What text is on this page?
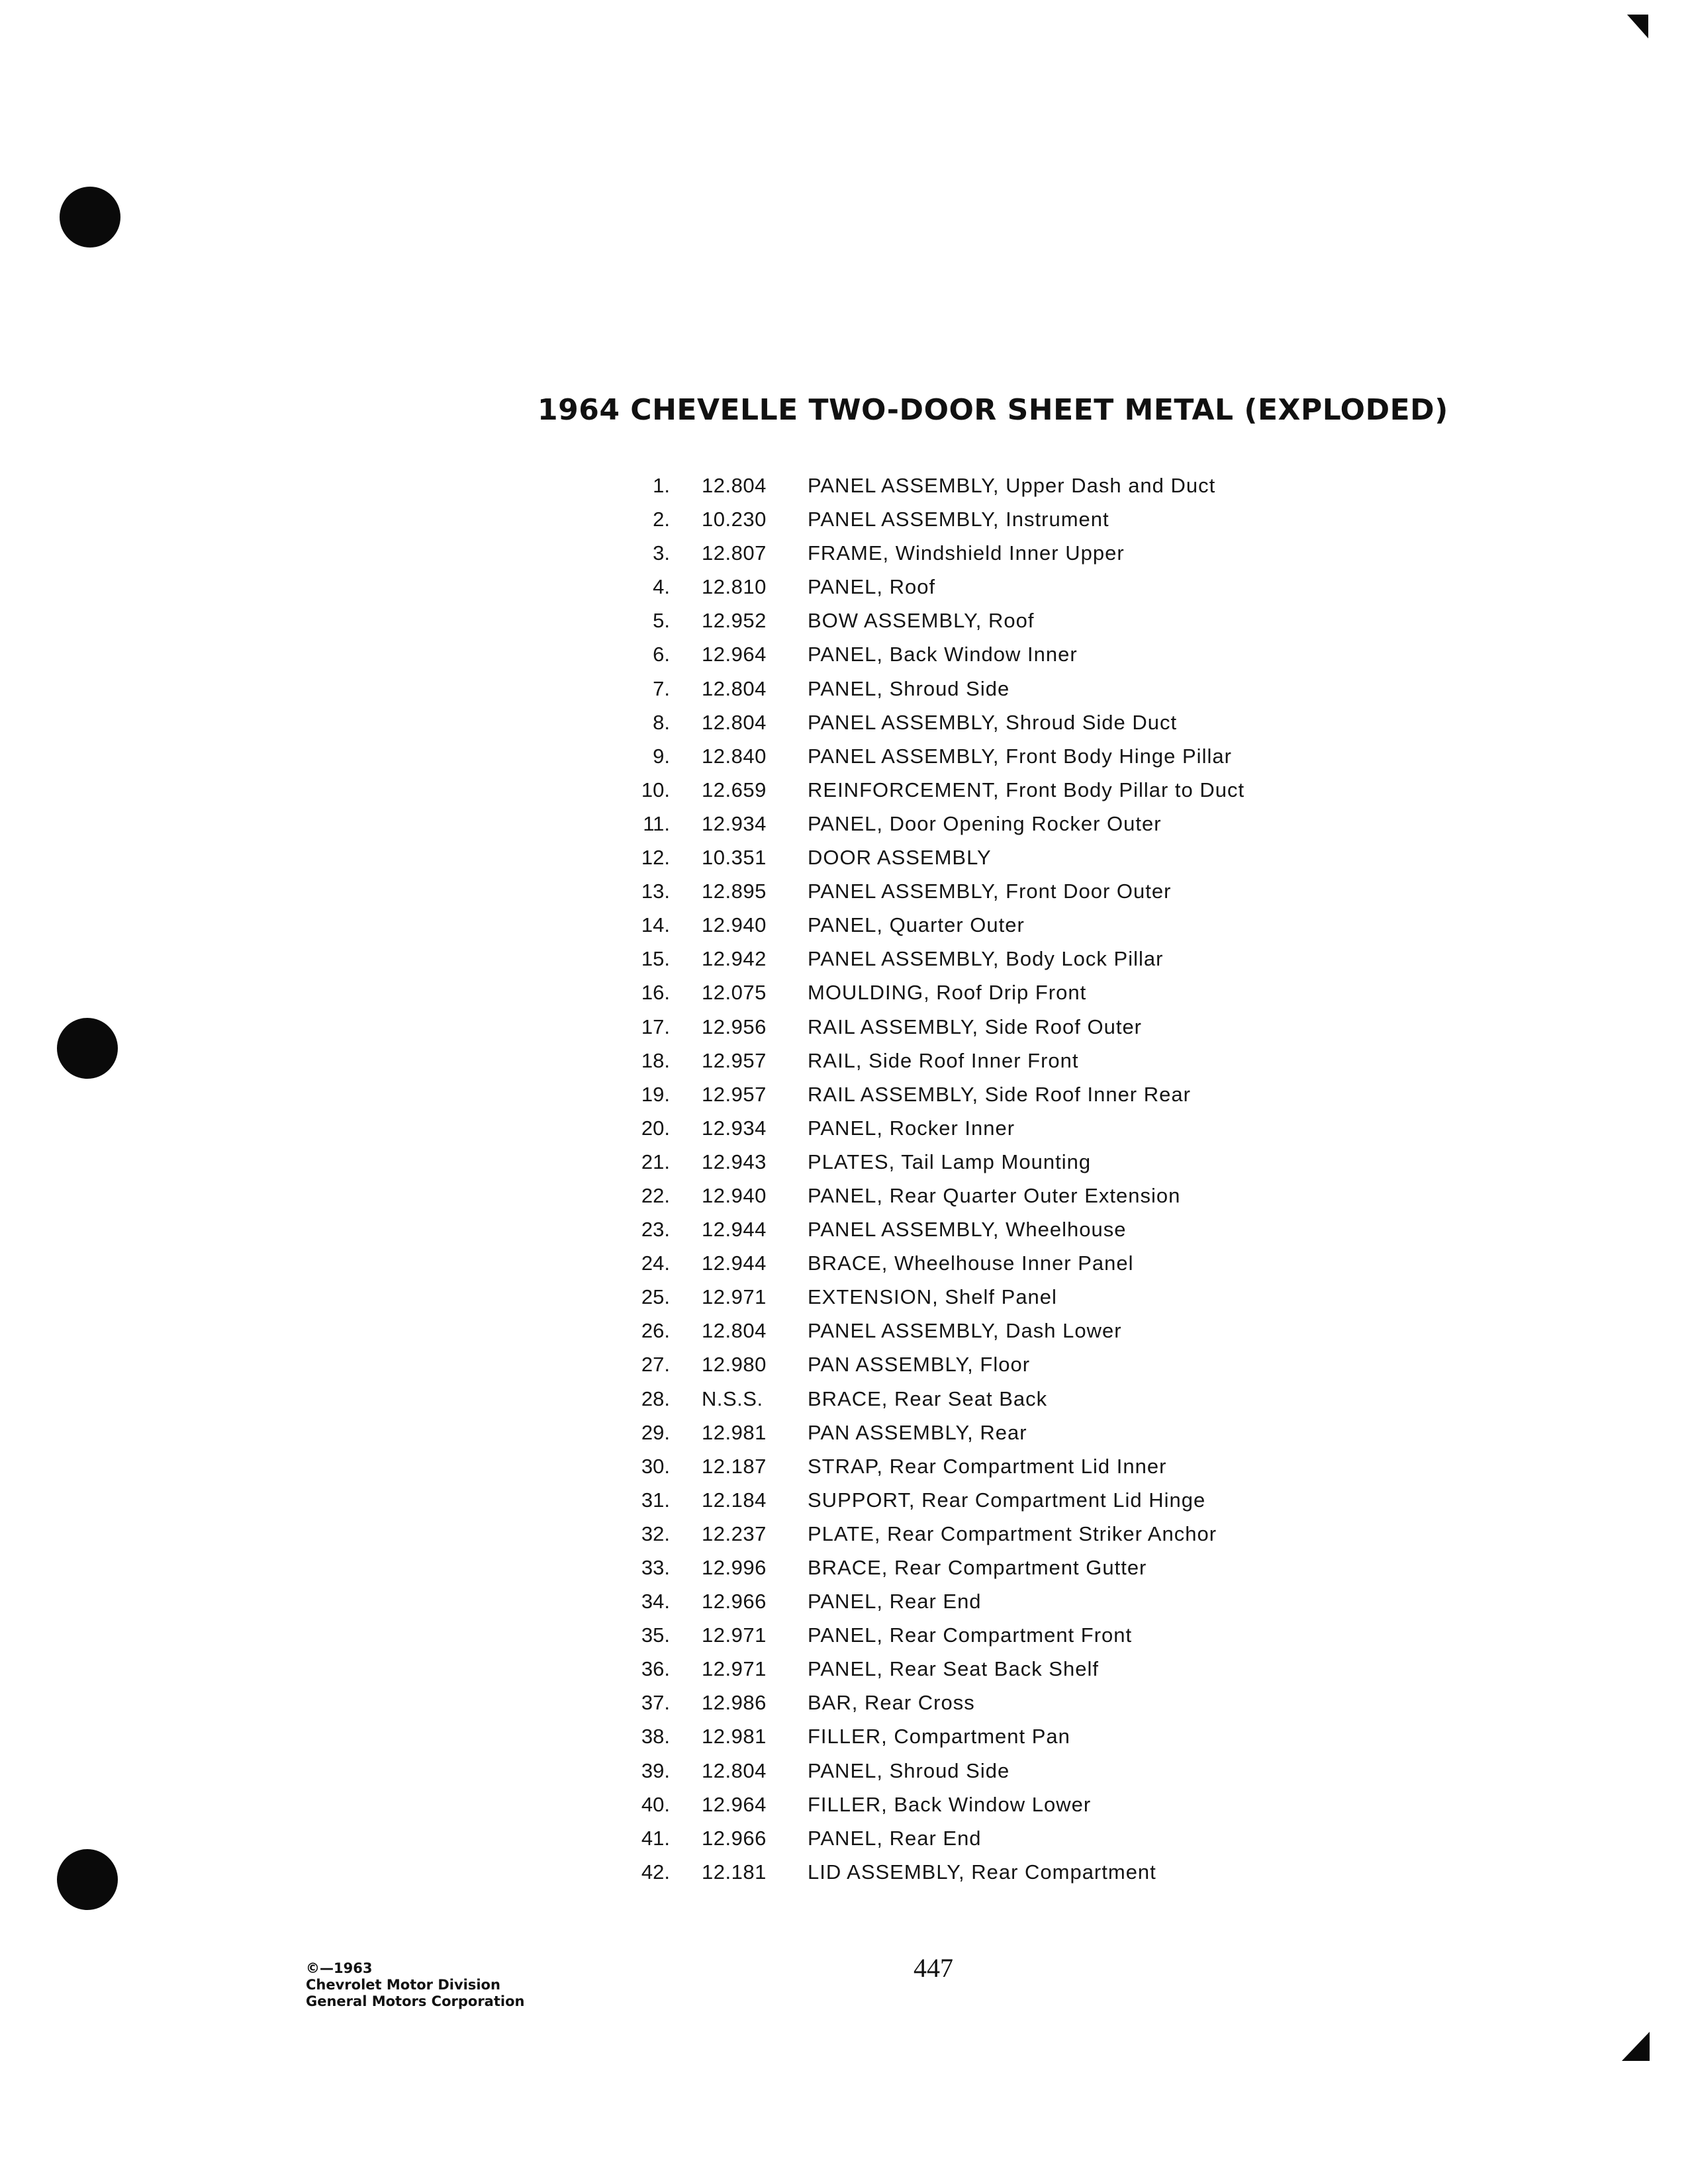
1964 CHEVELLE TWO-DOOR SHEET METAL (EXPLODED)
1. 12.804 PANEL ASSEMBLY, Upper Dash and Duct
2. 10.230 PANEL ASSEMBLY, Instrument
3. 12.807 FRAME, Windshield Inner Upper
4. 12.810 PANEL, Roof
5. 12.952 BOW ASSEMBLY, Roof
6. 12.964 PANEL, Back Window Inner
7. 12.804 PANEL, Shroud Side
8. 12.804 PANEL ASSEMBLY, Shroud Side Duct
9. 12.840 PANEL ASSEMBLY, Front Body Hinge Pillar
10. 12.659 REINFORCEMENT, Front Body Pillar to Duct
11. 12.934 PANEL, Door Opening Rocker Outer
12. 10.351 DOOR ASSEMBLY
13. 12.895 PANEL ASSEMBLY, Front Door Outer
14. 12.940 PANEL, Quarter Outer
15. 12.942 PANEL ASSEMBLY, Body Lock Pillar
16. 12.075 MOULDING, Roof Drip Front
17. 12.956 RAIL ASSEMBLY, Side Roof Outer
18. 12.957 RAIL, Side Roof Inner Front
19. 12.957 RAIL ASSEMBLY, Side Roof Inner Rear
20. 12.934 PANEL, Rocker Inner
21. 12.943 PLATES, Tail Lamp Mounting
22. 12.940 PANEL, Rear Quarter Outer Extension
23. 12.944 PANEL ASSEMBLY, Wheelhouse
24. 12.944 BRACE, Wheelhouse Inner Panel
25. 12.971 EXTENSION, Shelf Panel
26. 12.804 PANEL ASSEMBLY, Dash Lower
27. 12.980 PAN ASSEMBLY, Floor
28. N.S.S. BRACE, Rear Seat Back
29. 12.981 PAN ASSEMBLY, Rear
30. 12.187 STRAP, Rear Compartment Lid Inner
31. 12.184 SUPPORT, Rear Compartment Lid Hinge
32. 12.237 PLATE, Rear Compartment Striker Anchor
33. 12.996 BRACE, Rear Compartment Gutter
34. 12.966 PANEL, Rear End
35. 12.971 PANEL, Rear Compartment Front
36. 12.971 PANEL, Rear Seat Back Shelf
37. 12.986 BAR, Rear Cross
38. 12.981 FILLER, Compartment Pan
39. 12.804 PANEL, Shroud Side
40. 12.964 FILLER, Back Window Lower
41. 12.966 PANEL, Rear End
42. 12.181 LID ASSEMBLY, Rear Compartment
447
©—1963
Chevrolet Motor Division
General Motors Corporation
